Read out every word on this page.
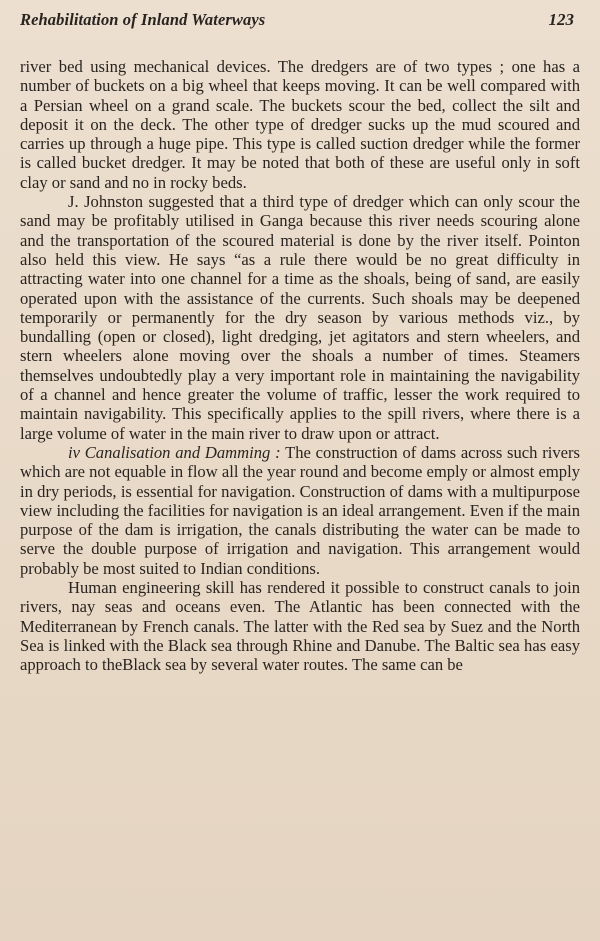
Rehabilitation of Inland Waterways	123

river bed using mechanical devices. The dredgers are of two types ; one has a number of buckets on a big wheel that keeps moving. It can be well compared with a Persian wheel on a grand scale. The buckets scour the bed, collect the silt and deposit it on the deck. The other type of dredger sucks up the mud scoured and carries up through a huge pipe. This type is called suction dredger while the former is called bucket dredger. It may be noted that both of these are useful only in soft clay or sand and no in rocky beds.

J. Johnston suggested that a third type of dredger which can only scour the sand may be profitably utilised in Ganga because this river needs scouring alone and the transportation of the scoured material is done by the river itself. Pointon also held this view. He says “as a rule there would be no great difficulty in attracting water into one channel for a time as the shoals, being of sand, are easily operated upon with the assistance of the currents. Such shoals may be deepened temporarily or permanently for the dry season by various methods viz., by bundalling (open or closed), light dredging, jet agitators and stern wheelers, and stern wheelers alone moving over the shoals a number of times. Steamers themselves undoubtedly play a very important role in maintaining the navigability of a channel and hence greater the volume of traffic, lesser the work required to maintain navigability. This specifically applies to the spill rivers, where there is a large volume of water in the main river to draw upon or attract.

iv Canalisation and Damming : The construction of dams across such rivers which are not equable in flow all the year round and become emply or almost emply in dry periods, is essential for navigation. Construction of dams with a multipurpose view including the facilities for navigation is an ideal arrangement. Even if the main purpose of the dam is irrigation, the canals distributing the water can be made to serve the double purpose of irrigation and navigation. This arrangement would probably be most suited to Indian conditions.

Human engineering skill has rendered it possible to construct canals to join rivers, nay seas and oceans even. The Atlantic has been connected with the Mediterranean by French canals. The latter with the Red sea by Suez and the North Sea is linked with the Black sea through Rhine and Danube. The Baltic sea has easy approach to theBlack sea by several water routes. The same can be
